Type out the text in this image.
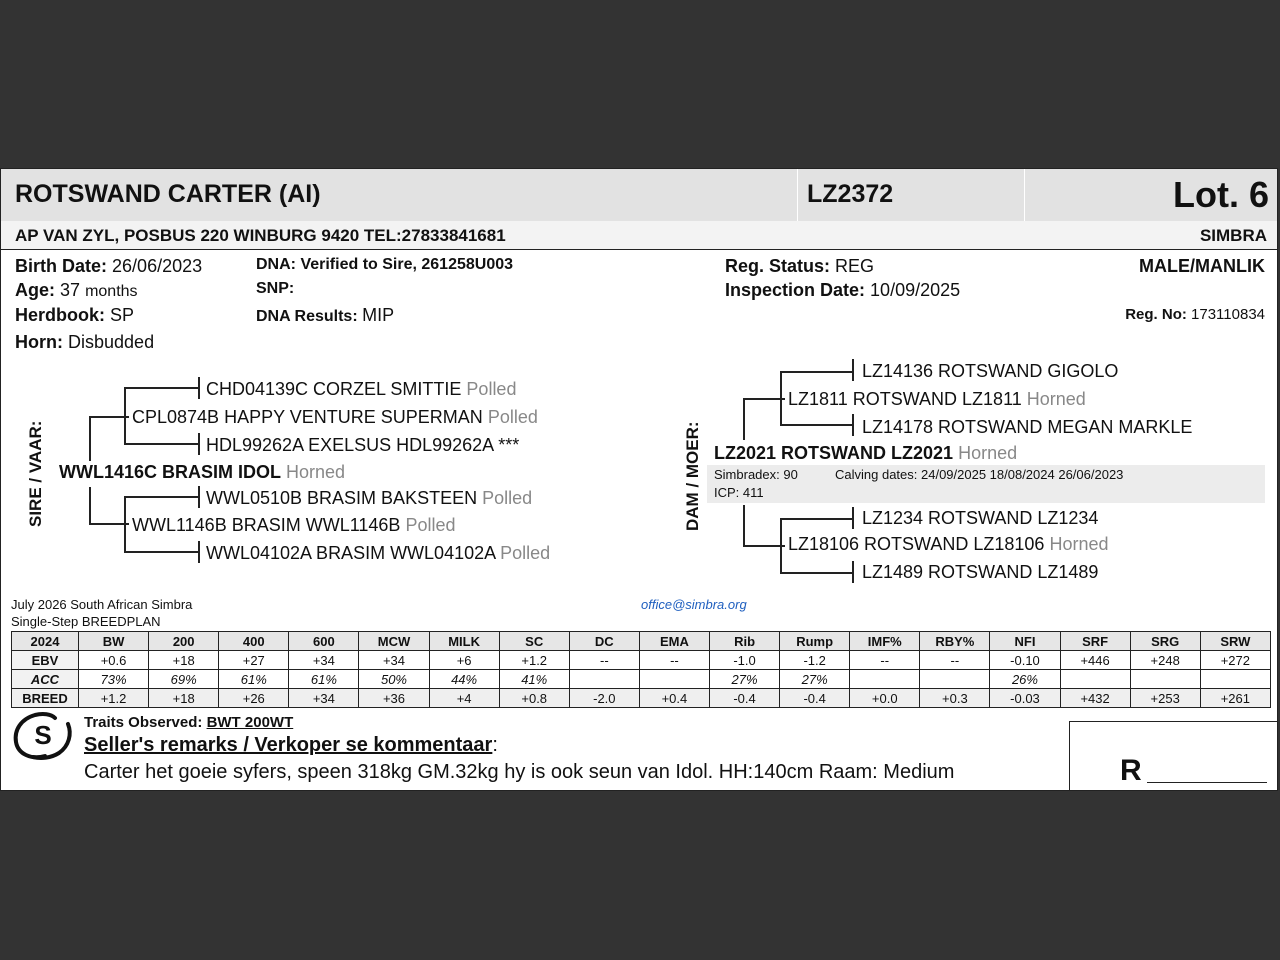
ROTSWAND CARTER (AI)	LZ2372	Lot. 6
AP VAN ZYL, POSBUS 220 WINBURG 9420 TEL:27833841681	SIMBRA
Birth Date: 26/06/2023
Age: 37 months
Herdbook: SP
Horn: Disbudded
DNA: Verified to Sire, 261258U003
SNP:
DNA Results: MIP
Reg. Status: REG
Inspection Date: 10/09/2025
MALE/MANLIK
Reg. No: 173110834
SIRE / VAAR:
CHD04139C CORZEL SMITTIE Polled
CPL0874B HAPPY VENTURE SUPERMAN Polled
HDL99262A EXELSUS HDL99262A ***
WWL1416C BRASIM IDOL Horned
WWL0510B BRASIM BAKSTEEN Polled
WWL1146B BRASIM WWL1146B Polled
WWL04102A BRASIM WWL04102A Polled
DAM / MOER:
LZ14136 ROTSWAND GIGOLO
LZ1811 ROTSWAND LZ1811 Horned
LZ14178 ROTSWAND MEGAN MARKLE
LZ2021 ROTSWAND LZ2021 Horned
Simbradex: 90	Calving dates: 24/09/2025 18/08/2024 26/06/2023
ICP: 411
LZ1234 ROTSWAND LZ1234
LZ18106 ROTSWAND LZ18106 Horned
LZ1489 ROTSWAND LZ1489
July 2026 South African Simbra
Single-Step BREEDPLAN
office@simbra.org
2024	BW	200	400	600	MCW	MILK	SC	DC	EMA	Rib	Rump	IMF%	RBY%	NFI	SRF	SRG	SRW
EBV	+0.6	+18	+27	+34	+34	+6	+1.2	--	--	-1.0	-1.2	--	--	-0.10	+446	+248	+272
ACC	73%	69%	61%	61%	50%	44%	41%			27%	27%			26%			
BREED	+1.2	+18	+26	+34	+36	+4	+0.8	-2.0	+0.4	-0.4	-0.4	+0.0	+0.3	-0.03	+432	+253	+261
S Traits Observed: BWT 200WT
Seller's remarks / Verkoper se kommentaar:
Carter het goeie syfers, speen 318kg GM.32kg hy is ook seun van Idol. HH:140cm Raam: Medium	R
